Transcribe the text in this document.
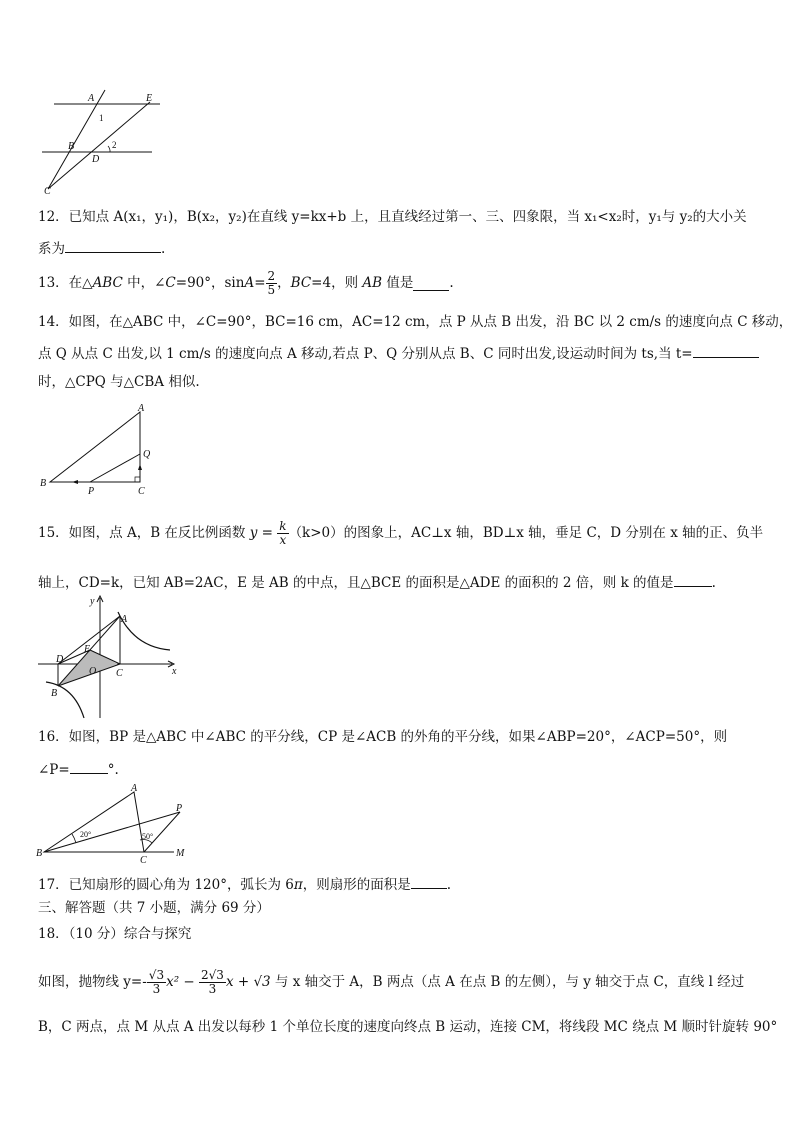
A	E
B
D
C
1
2
12．已知点 A(x₁，y₁)，B(x₂，y₂)在直线 y=kx+b 上，且直线经过第一、三、四象限，当 x₁<x₂时，y₁与 y₂的大小关
系为	.
13．在△ABC 中，∠C=90°，$\sin A= \frac{2}{5}$ ，BC=4，则 AB 值是	.
14．如图，在△ABC 中，∠C=90°，BC=16 cm，AC=12 cm，点 P 从点 B 出发，沿 BC 以 2 cm/s 的速度向点 C 移动，
点 Q 从点 C 出发,以 1 cm/s 的速度向点 A 移动,若点 P、Q 分别从点 B、C 同时出发,设运动时间为 ts,当 t=
时，△CPQ 与△CBA 相似.
A
Q
B
P	C
15．如图，点 A，B 在反比例函数 $y = \frac{k}{x} (k>0)$的图象上，AC⊥x 轴，BD⊥x 轴，垂足 C，D 分别在 x 轴的正、负半
轴上，CD=k，已知 AB=2AC，E 是 AB 的中点，且△BCE 的面积是△ADE 的面积的 2 倍，则 k 的值是	.
y
x
A
E
D
O C
B
16．如图，BP 是△ABC 中∠ABC 的平分线，CP 是∠ACB 的外角的平分线，如果∠ABP=20°，∠ACP=50°，则
∠P=	°.
A
P
B
C
M
20°	50°
17．已知扇形的圆心角为 120°，弧长为 6π，则扇形的面积是	.
三、解答题（共 7 小题，满分 69 分）
18．（10 分）综合与探究
如图，抛物线 $y=- \frac{√3}{3} x^2 - \frac{2√3}{3}$ x + √3 与 x 轴交于 A，B 两点（点 A 在点 B 的左侧），与 y 轴交于点 C，直线 l 经过
B，C 两点，点 M 从点 A 出发以每秒 1 个单位长度的速度向终点 B 运动，连接 CM，将线段 MC 绕点 M 顺时针旋转 90°
